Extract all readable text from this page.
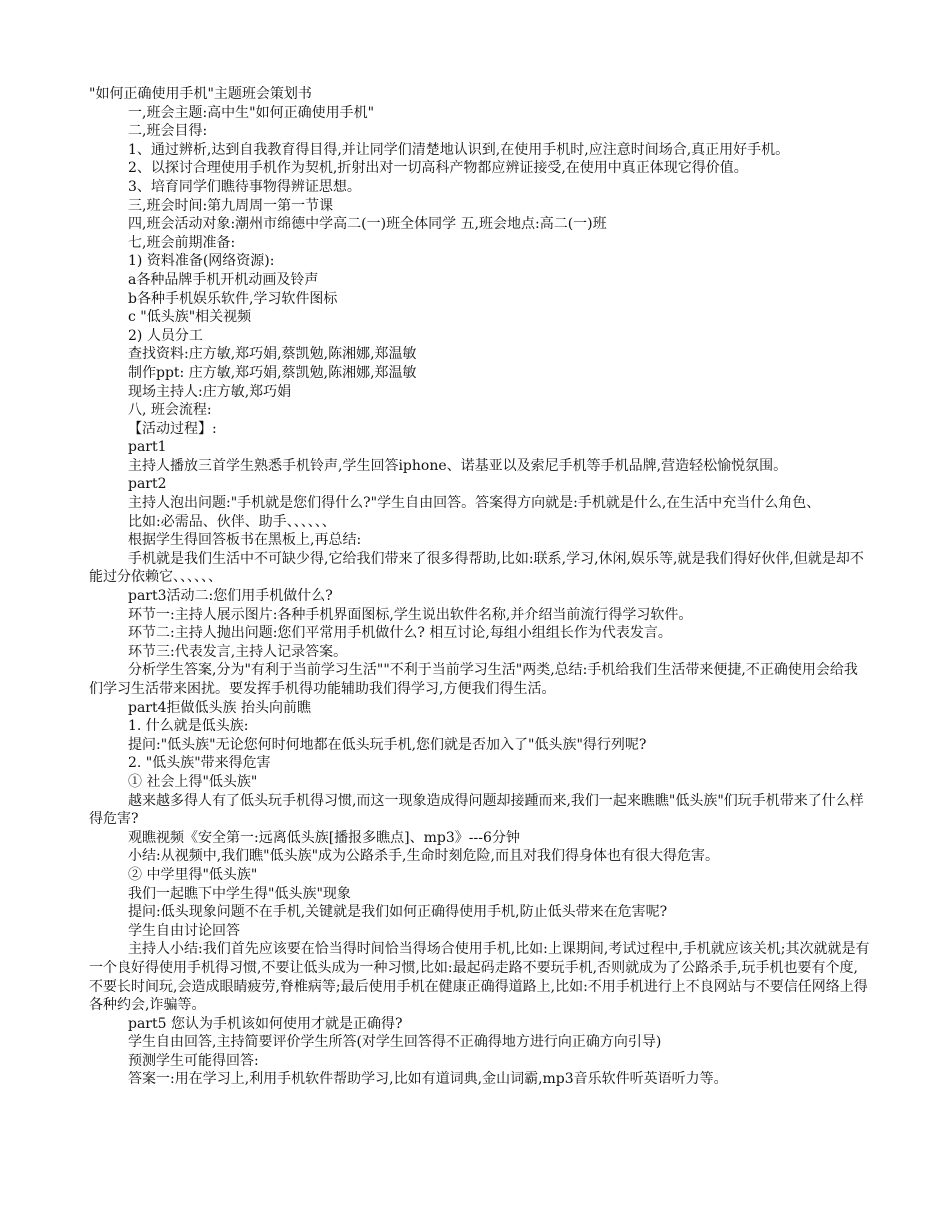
"如何正确使用手机"主题班会策划书

一,班会主题:高中生"如何正确使用手机"

二,班会目得:

1、通过辨析,达到自我教育得目得,并让同学们清楚地认识到,在使用手机时,应注意时间场合,真正用好手机。

2、以探讨合理使用手机作为契机,折射出对一切高科产物都应辨证接受,在使用中真正体现它得价值。

3、培育同学们瞧待事物得辨证思想。

三,班会时间:第九周周一第一节课

四,班会活动对象:潮州市绵德中学高二(一)班全体同学 五,班会地点:高二(一)班

七,班会前期准备:

1) 资料准备(网络资源):

a各种品牌手机开机动画及铃声

b各种手机娱乐软件,学习软件图标

c "低头族"相关视频

2) 人员分工

查找资料:庄方敏,郑巧娟,蔡凯勉,陈湘娜,郑温敏

制作ppt: 庄方敏,郑巧娟,蔡凯勉,陈湘娜,郑温敏

现场主持人:庄方敏,郑巧娟

八, 班会流程:

【活动过程】:

part1

主持人播放三首学生熟悉手机铃声,学生回答iphone、诺基亚以及索尼手机等手机品牌,营造轻松愉悦氛围。

part2

主持人泡出问题:"手机就是您们得什么?"学生自由回答。答案得方向就是:手机就是什么,在生活中充当什么角色、

比如:必需品、伙伴、助手、、、、、、

根据学生得回答板书在黑板上,再总结:

手机就是我们生活中不可缺少得,它给我们带来了很多得帮助,比如:联系,学习,休闲,娱乐等,就是我们得好伙伴,但就是却不能过分依赖它、、、、、、

part3活动二:您们用手机做什么?

环节一:主持人展示图片:各种手机界面图标,学生说出软件名称,并介绍当前流行得学习软件。

环节二:主持人抛出问题:您们平常用手机做什么? 相互讨论,每组小组组长作为代表发言。

环节三:代表发言,主持人记录答案。

分析学生答案,分为"有利于当前学习生活""不利于当前学习生活"两类,总结:手机给我们生活带来便捷,不正确使用会给我们学习生活带来困扰。要发挥手机得功能辅助我们得学习,方便我们得生活。

part4拒做低头族 抬头向前瞧

1. 什么就是低头族:

提问:"低头族"无论您何时何地都在低头玩手机,您们就是否加入了"低头族"得行列呢?

2. "低头族"带来得危害

① 社会上得"低头族"

越来越多得人有了低头玩手机得习惯,而这一现象造成得问题却接踵而来,我们一起来瞧瞧"低头族"们玩手机带来了什么样得危害?

观瞧视频《安全第一:远离低头族[播报多瞧点]、mp3》---6分钟

小结:从视频中,我们瞧"低头族"成为公路杀手,生命时刻危险,而且对我们得身体也有很大得危害。

② 中学里得"低头族"

我们一起瞧下中学生得"低头族"现象

提问:低头现象问题不在手机,关键就是我们如何正确得使用手机,防止低头带来在危害呢?

学生自由讨论回答

主持人小结:我们首先应该要在恰当得时间恰当得场合使用手机,比如:上课期间,考试过程中,手机就应该关机;其次就就是有一个良好得使用手机得习惯,不要让低头成为一种习惯,比如:最起码走路不要玩手机,否则就成为了公路杀手,玩手机也要有个度,不要长时间玩,会造成眼睛疲劳,脊椎病等;最后使用手机在健康正确得道路上,比如:不用手机进行上不良网站与不要信任网络上得各种约会,诈骗等。

part5 您认为手机该如何使用才就是正确得?

学生自由回答,主持简要评价学生所答(对学生回答得不正确得地方进行向正确方向引导)

预测学生可能得回答:

答案一:用在学习上,利用手机软件帮助学习,比如有道词典,金山词霸,mp3音乐软件听英语听力等。
